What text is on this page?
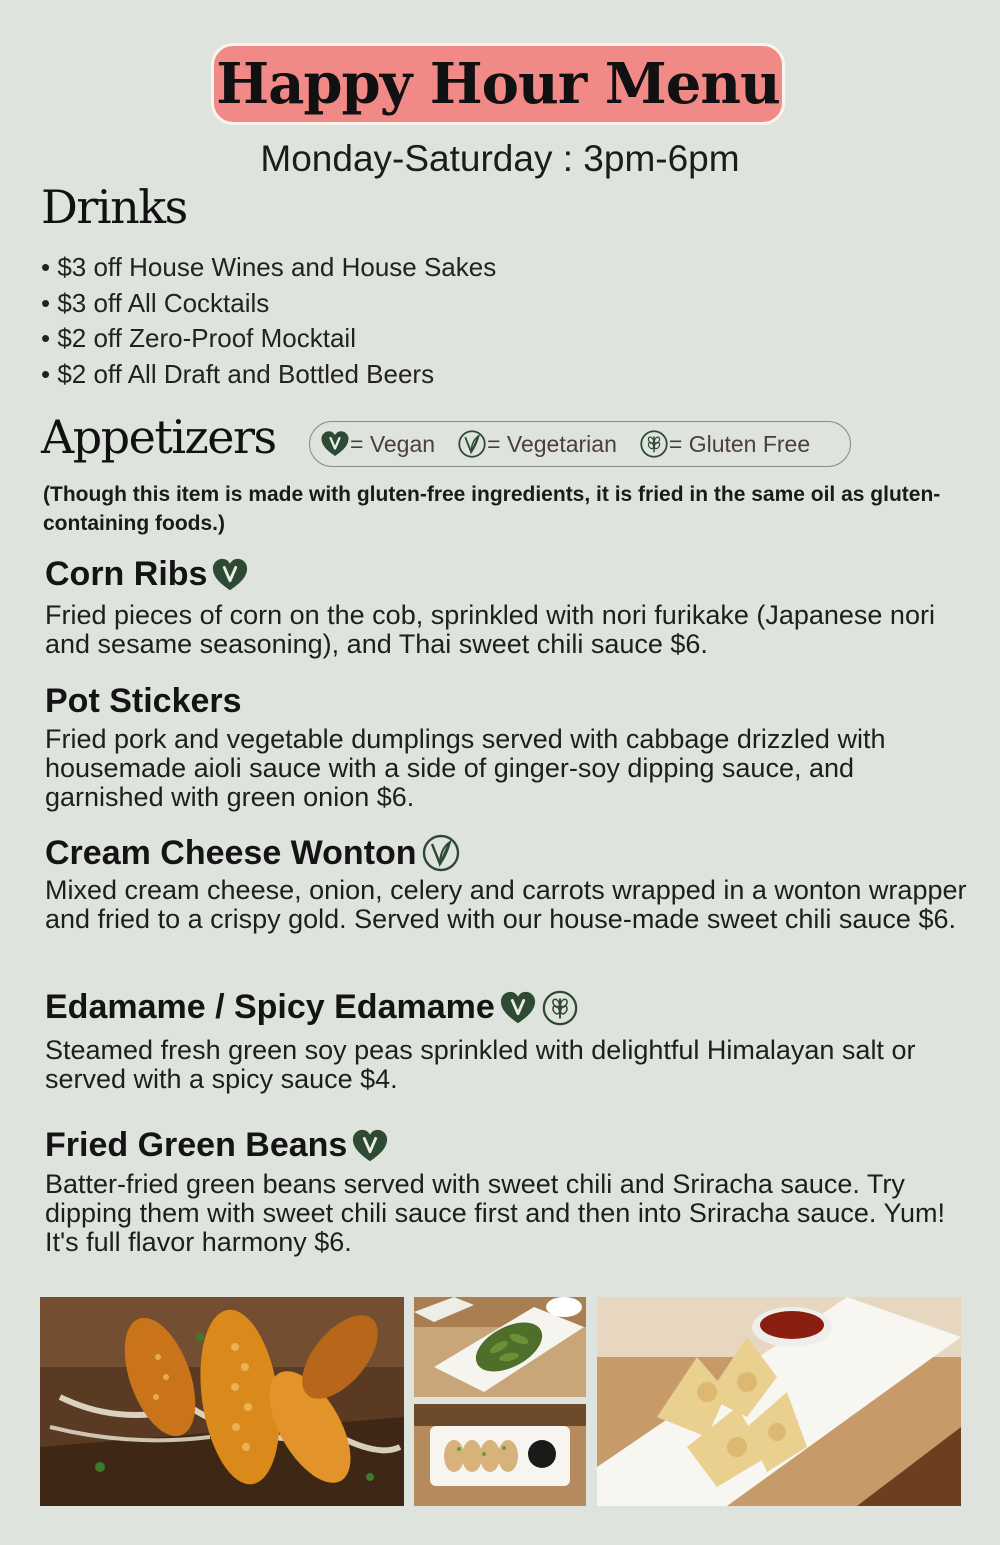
Happy Hour Menu
Monday-Saturday : 3pm-6pm
Drinks
• $3 off House Wines and House Sakes
• $3 off All Cocktails
• $2 off Zero-Proof Mocktail
• $2 off All Draft and Bottled Beers
Appetizers	= Vegan = Vegetarian = Gluten Free
(Though this item is made with gluten-free ingredients, it is fried in the same oil as gluten-containing foods.)
Corn Ribs
Fried pieces of corn on the cob, sprinkled with nori furikake (Japanese nori and sesame seasoning), and Thai sweet chili sauce $6.
Pot Stickers
Fried pork and vegetable dumplings served with cabbage drizzled with housemade aioli sauce with a side of ginger-soy dipping sauce, and garnished with green onion $6.
Cream Cheese Wonton
Mixed cream cheese, onion, celery and carrots wrapped in a wonton wrapper and fried to a crispy gold. Served with our house-made sweet chili sauce $6.
Edamame / Spicy Edamame
Steamed fresh green soy peas sprinkled with delightful Himalayan salt or served with a spicy sauce $4.
Fried Green Beans
Batter-fried green beans served with sweet chili and Sriracha sauce. Try dipping them with sweet chili sauce first and then into Sriracha sauce. Yum! It's full flavor harmony $6.
